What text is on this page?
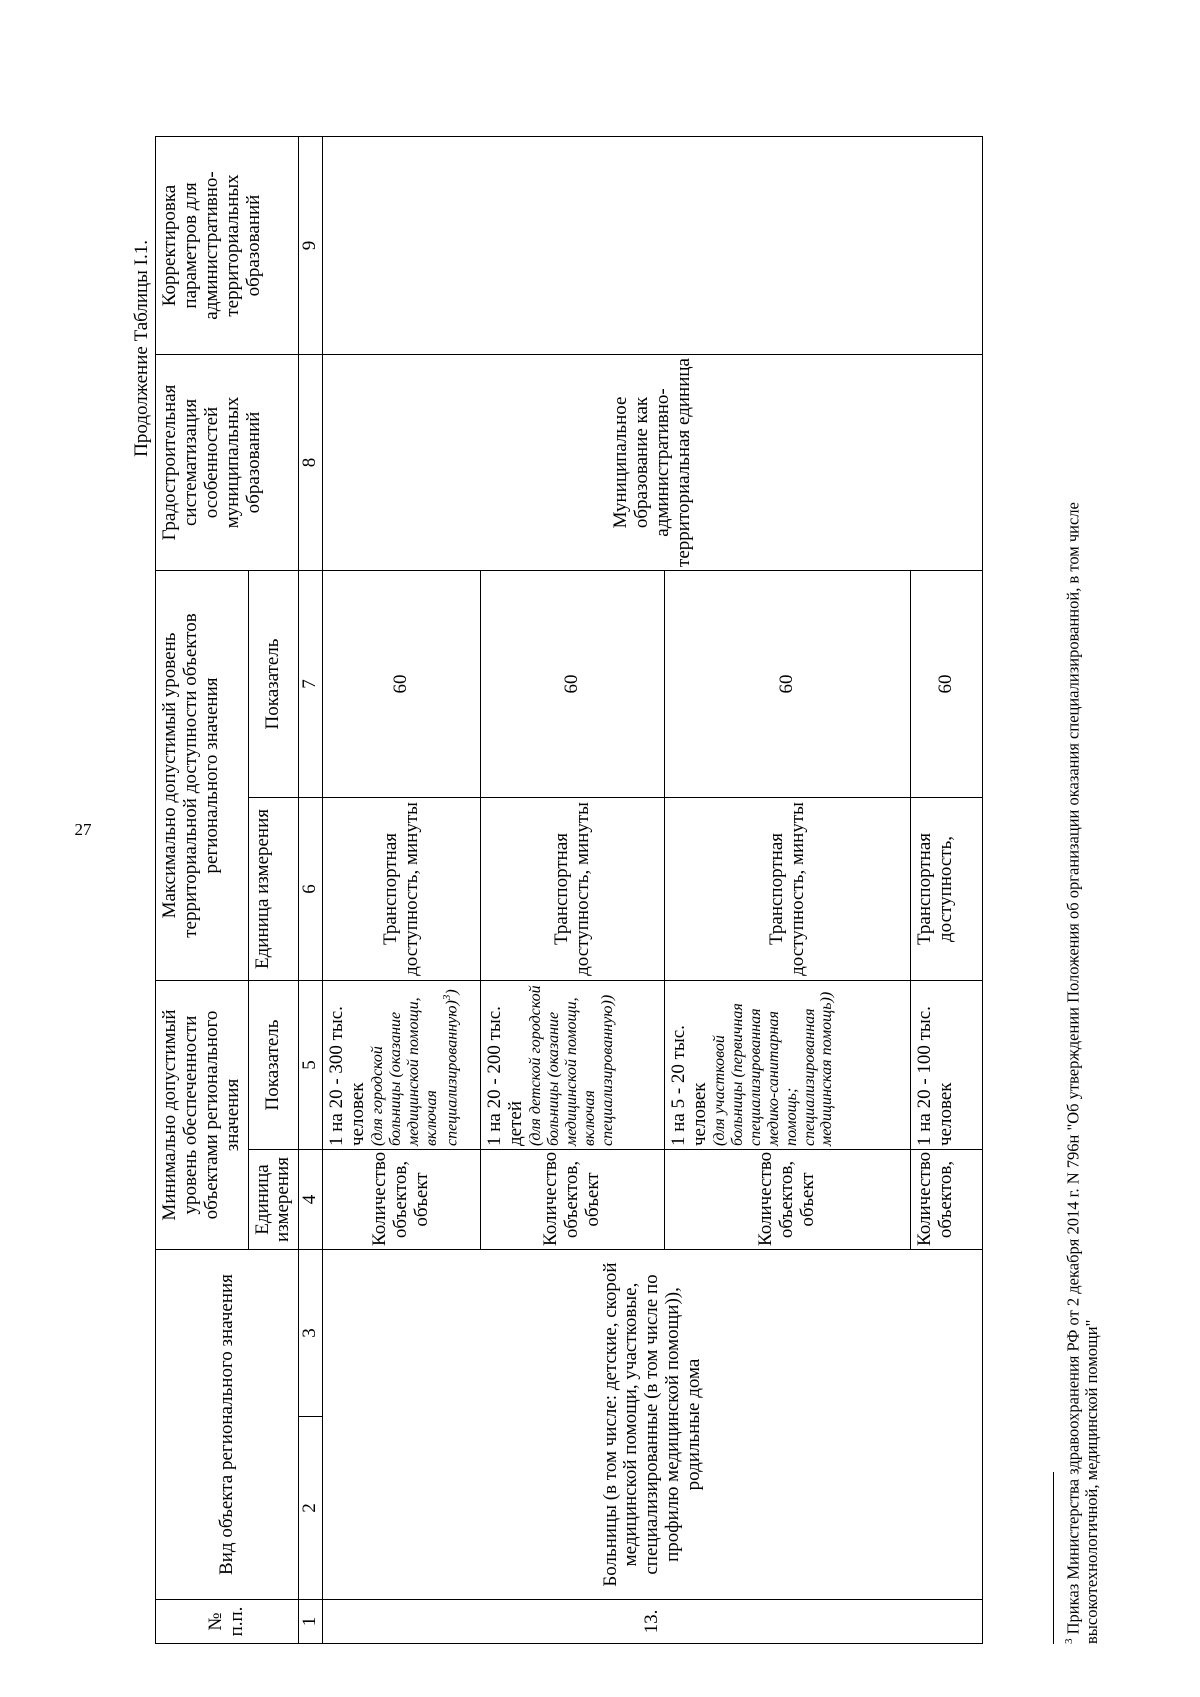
27
Продолжение Таблицы I.1.
№ п.п.	Вид объекта регионального значения		Минимально допустимый уровень обеспеченности объектами регионального значения		Максимально допустимый уровень территориальной доступности объектов регионального значения		Градостроительная систематизация особенностей муниципальных образований	Корректировка параметров для административно-территориальных образований
			Единица измерения	Показатель	Единица измерения	Показатель		
1	2	3	4	5	6	7	8	9
13.	Больницы (в том числе: детские, скорой медицинской помощи, участковые, специализированные (в том числе по профилю медицинской помощи)), родильные дома		Количество объектов, объект	1 на 20 - 300 тыс. человек (для городской больницы (оказание медицинской помощи, включая специализированную)$^3$)	Транспортная доступность, минуты	60	Муниципальное образование как административно-территориальная единица	
			Количество объектов, объект	1 на 20 - 200 тыс. детей (для детской городской больницы (оказание медицинской помощи, включая специализированную))	Транспортная доступность, минуты	60		
			Количество объектов, объект	1 на 5 - 20 тыс. человек (для участковой больницы (первичная специализированная медико-санитарная помощь; специализированная медицинская помощь))	Транспортная доступность, минуты	60		
			Количество объектов,	1 на 20 - 100 тыс. человек	Транспортная доступность,	60		
$^3$ Приказ Министерства здравоохранения РФ от 2 декабря 2014 г. N 796н "Об утверждении Положения об организации оказания специализированной, в том числе высокотехнологичной, медицинской помощи"
